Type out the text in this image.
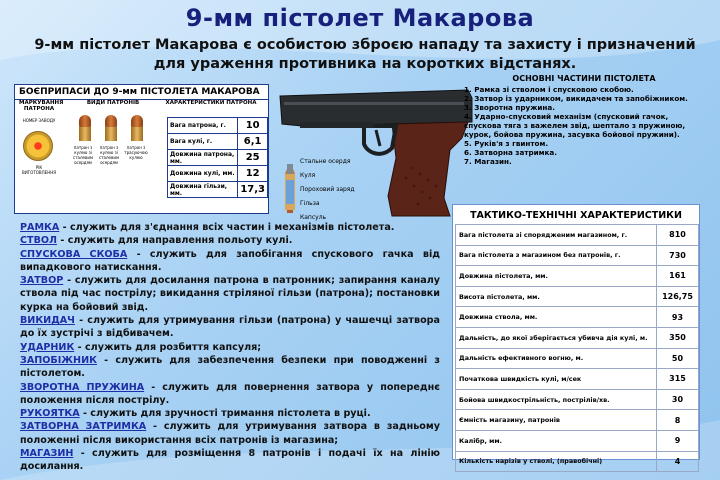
9-мм пістолет Макарова
9-мм пістолет Макарова є особистою зброєю нападу та захисту і призначений для ураження противника на коротких відстанях.
БОЄПРИПАСИ ДО 9-мм ПІСТОЛЕТА МАКАРОВА
МАРКУВАННЯ ПАТРОНА
ВИДИ ПАТРОНІВ	ХАРАКТЕРИСТИКИ ПАТРОНА
НОМЕР ЗАВОДУ
РІК ВИГОТОВЛЕННЯ
патрон з кулею зі сталевим осердям
патрон з кулею зі сталевим осердям
патрон з трасуючою кулею
Вага патрона, г.	10
Вага кулі, г.	6,1
Довжина патрона, мм.	25
Довжина кулі, мм.	12
Довжина гільзи, мм.	17,3
Стальне осердя
Куля
Пороховий заряд
Гільза
Капсуль
ОСНОВНІ ЧАСТИНИ ПІСТОЛЕТА
1. Рамка зі стволом і спусковою скобою.
2. Затвор із ударником, викидачем та запобіжником.
3. Зворотна пружина.
4. Ударно-спусковий механізм (спусковий гачок, спускова тяга з важелем звід, шептало з пружиною, курок, бойова пружина, засувка бойової пружини).
5. Руків'я з гвинтом.
6. Затворна затримка.
7. Магазин.

РАМКА - служить для з'єднання всіх частин і механізмів пістолета.

СТВОЛ - служить для направлення польоту кулі.

СПУСКОВА СКОБА - служить для запобігання спускового гачка від випадкового натискання.

ЗАТВОР - служить для досилання патрона в патронник; запирання каналу ствола під час пострілу; викидання стріляної гільзи (патрона); постановки курка на бойовий звід.

ВИКИДАЧ - служить для утримування гільзи (патрона) у чашечці затвора до їх зустрічі з відбивачем.

УДАРНИК - служить для розбиття капсуля;

ЗАПОБІЖНИК - служить для забезпечення безпеки при поводженні з пістолетом.

ЗВОРОТНА ПРУЖИНА - служить для повернення затвора у попереднє положення після пострілу.

РУКОЯТКА - служить для зручності тримання пістолета в руці.

ЗАТВОРНА ЗАТРИМКА - служить для утримування затвора в задньому положенні після використання всіх патронів із магазина;

МАГАЗИН - служить для розміщення 8 патронів і подачі їх на лінію досилання.

ТАКТИКО-ТЕХНІЧНІ ХАРАКТЕРИСТИКИ
Вага пістолета зі спорядженим магазином, г.	810
Вага пістолета з магазином без патронів, г.	730
Довжина пістолета, мм.	161
Висота пістолета, мм.	126,75
Довжина ствола, мм.	93
Дальність, до якої зберігається убивча дія кулі, м.	350
Дальність ефективного вогню, м.	50
Початкова швидкість кулі, м/сек	315
Бойова швидкострільність, пострілів/хв.	30
Ємність магазину, патронів	8
Калібр, мм.	9
Кількість нарізів у стволі, (правобічні)	4
